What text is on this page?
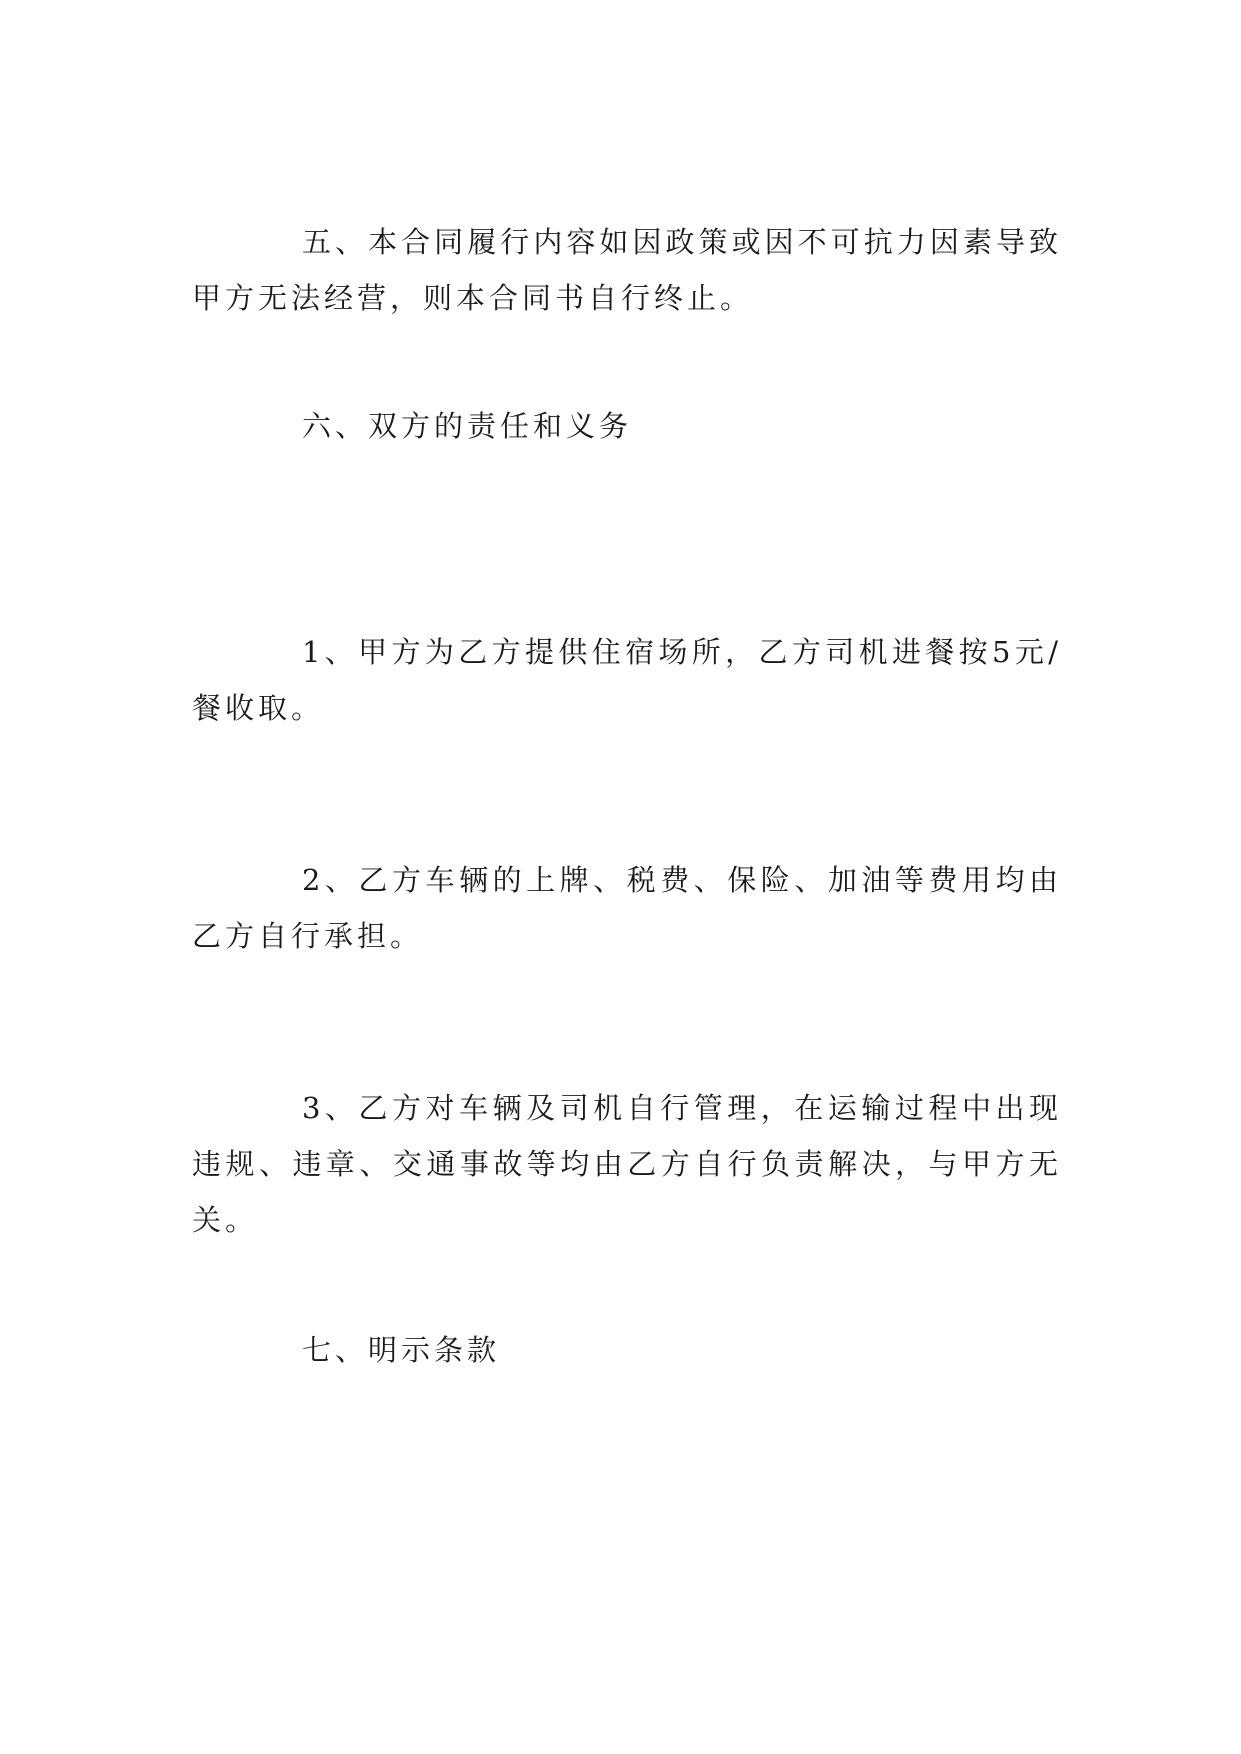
五、本合同履行内容如因政策或因不可抗力因素导致甲方无法经营，则本合同书自行终止。

六、双方的责任和义务

1、甲方为乙方提供住宿场所，乙方司机进餐按5元/餐收取。

2、乙方车辆的上牌、税费、保险、加油等费用均由乙方自行承担。

3、乙方对车辆及司机自行管理，在运输过程中出现违规、违章、交通事故等均由乙方自行负责解决，与甲方无关。

七、明示条款
